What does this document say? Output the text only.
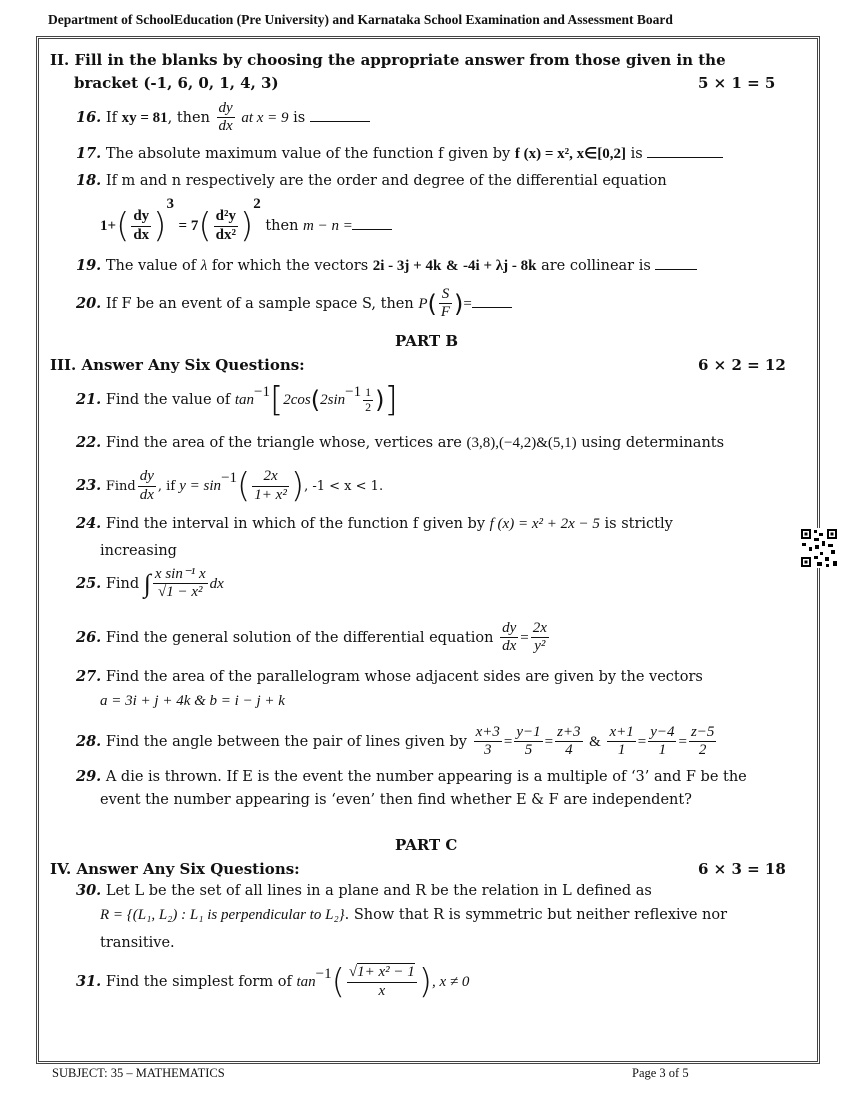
Department of SchoolEducation (Pre University) and Karnataka School Examination and Assessment Board
II. Fill in the blanks by choosing the appropriate answer from those given in the
bracket (-1, 6, 0, 1, 4, 3)	5 × 1 = 5
16. If xy = 81, then $\frac{dy}{dx}$ at x = 9 is
17. The absolute maximum value of the function f given by f (x) = x², x∈[0,2] is
18. If m and n respectively are the order and degree of the differential equation
$1+( \frac{dy}{dx} )^3 = 7( \frac{\text{d²y}}{\text{dx²}} )^2$ then m − n =
19. The value of λ for which the vectors 2i - 3j + 4k & -4i + λj - 8k are collinear is
20. If F be an event of a sample space S, then $P( \frac{S}{F}$ )=
PART B
III. Answer Any Six Questions:	6 × 2 = 12
21. Find the value of $\tan^{-1}[2\cos(2\sin^{-1} \frac{1}{2}$ )]
22. Find the area of the triangle whose, vertices are (3,8),(−4,2)&(5,1) using determinants
23. Find $\frac{dy}{dx}$ , if $y = \sin^{-1}( \frac{2x}{\text{1+ x²}}$ ), -1 < x < 1.
24. Find the interval in which of the function f given by f (x) = x² + 2x − 5 is strictly
increasing
25. Find ∫ $\frac{\text{x sin⁻¹ x}}{\text{√1 − x²}}$ dx
26. Find the general solution of the differential equation $\frac{dy}{dx} = \frac{2x}{\text{y²}}$
27. Find the area of the parallelogram whose adjacent sides are given by the vectors
a = 3i + j + 4k & b = i − j + k
28. Find the angle between the pair of lines given by $\frac{x+3}{3} = \frac{y-1}{5} = \frac{z+3}{4}$ & $\frac{x+1}{1} = \frac{y-4}{1} = \frac{z-5}{2}$
29. A die is thrown. If E is the event the number appearing is a multiple of ‘3’ and F be the
event the number appearing is ‘even’ then find whether E & F are independent?
PART C
IV. Answer Any Six Questions:	6 × 3 = 18
30. Let L be the set of all lines in a plane and R be the relation in L defined as
R = {(L₁, L₂) : L₁ is perpendicular to L₂}. Show that R is symmetric but neither reflexive nor
transitive.
31. Find the simplest form of $\tan^{-1}( \frac{\text{√1+ x² − 1}}{x}$ ), x ≠ 0
SUBJECT: 35 – MATHEMATICS	Page 3 of 5
